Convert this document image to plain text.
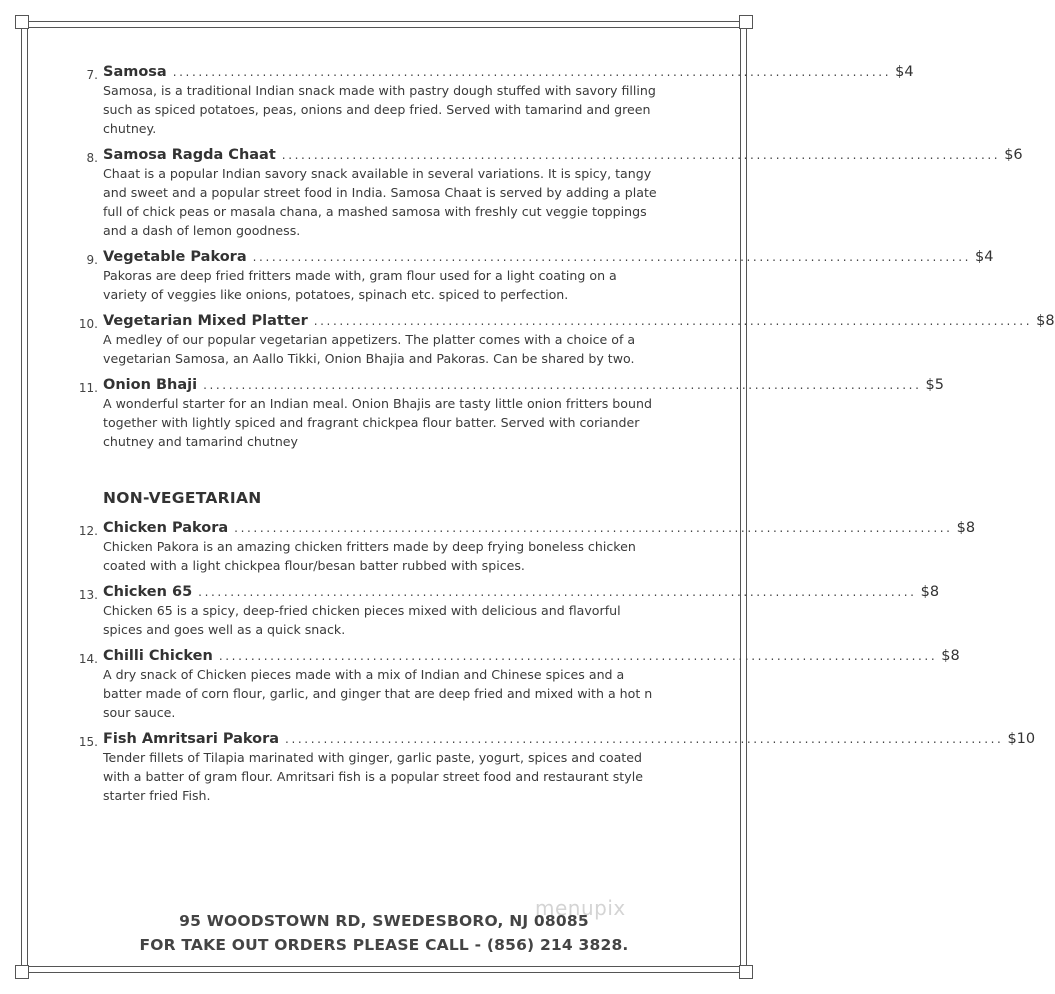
7. Samosa ................................................................................................................ $4
Samosa, is a traditional Indian snack made with pastry dough stuffed with savory filling such as spiced potatoes, peas, onions and deep fried. Served with tamarind and green chutney.
8. Samosa Ragda Chaat ................................................................................................................ $6
Chaat is a popular Indian savory snack available in several variations. It is spicy, tangy and sweet and a popular street food in India. Samosa Chaat is served by adding a plate full of chick peas or masala chana, a mashed samosa with freshly cut veggie toppings and a dash of lemon goodness.
9. Vegetable Pakora ................................................................................................................ $4
Pakoras are deep fried fritters made with, gram flour used for a light coating on a variety of veggies like onions, potatoes, spinach etc. spiced to perfection.
10. Vegetarian Mixed Platter ................................................................................................................ $8
A medley of our popular vegetarian appetizers. The platter comes with a choice of a vegetarian Samosa, an Aallo Tikki, Onion Bhajia and Pakoras. Can be shared by two.
11. Onion Bhaji ................................................................................................................ $5
A wonderful starter for an Indian meal. Onion Bhajis are tasty little onion fritters bound together with lightly spiced and fragrant chickpea flour batter. Served with coriander chutney and tamarind chutney
NON-VEGETARIAN
12. Chicken Pakora ................................................................................................................ $8
Chicken Pakora is an amazing chicken fritters made by deep frying boneless chicken coated with a light chickpea flour/besan batter rubbed with spices.
13. Chicken 65 ................................................................................................................ $8
Chicken 65 is a spicy, deep-fried chicken pieces mixed with delicious and flavorful spices and goes well as a quick snack.
14. Chilli Chicken ................................................................................................................ $8
A dry snack of Chicken pieces made with a mix of Indian and Chinese spices and a batter made of corn flour, garlic, and ginger that are deep fried and mixed with a hot n sour sauce.
15. Fish Amritsari Pakora ................................................................................................................ $10
Tender fillets of Tilapia marinated with ginger, garlic paste, yogurt, spices and coated with a batter of gram flour. Amritsari fish is a popular street food and restaurant style starter fried Fish.
menupix
95 WOODSTOWN RD, SWEDESBORO, NJ 08085
FOR TAKE OUT ORDERS PLEASE CALL - (856) 214 3828.
